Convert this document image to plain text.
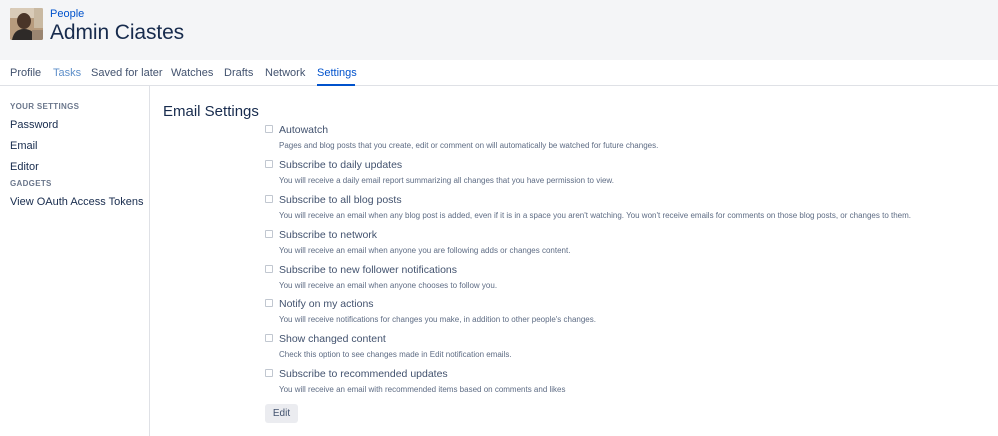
People
Admin Ciastes
Profile Tasks Saved for later Watches Drafts Network Settings
YOUR SETTINGS
Password
Email
Editor
GADGETS
View OAuth Access Tokens
Email Settings
Autowatch
Pages and blog posts that you create, edit or comment on will automatically be watched for future changes.
Subscribe to daily updates
You will receive a daily email report summarizing all changes that you have permission to view.
Subscribe to all blog posts
You will receive an email when any blog post is added, even if it is in a space you aren't watching. You won't receive emails for comments on those blog posts, or changes to them.
Subscribe to network
You will receive an email when anyone you are following adds or changes content.
Subscribe to new follower notifications
You will receive an email when anyone chooses to follow you.
Notify on my actions
You will receive notifications for changes you make, in addition to other people's changes.
Show changed content
Check this option to see changes made in Edit notification emails.
Subscribe to recommended updates
You will receive an email with recommended items based on comments and likes
Edit
